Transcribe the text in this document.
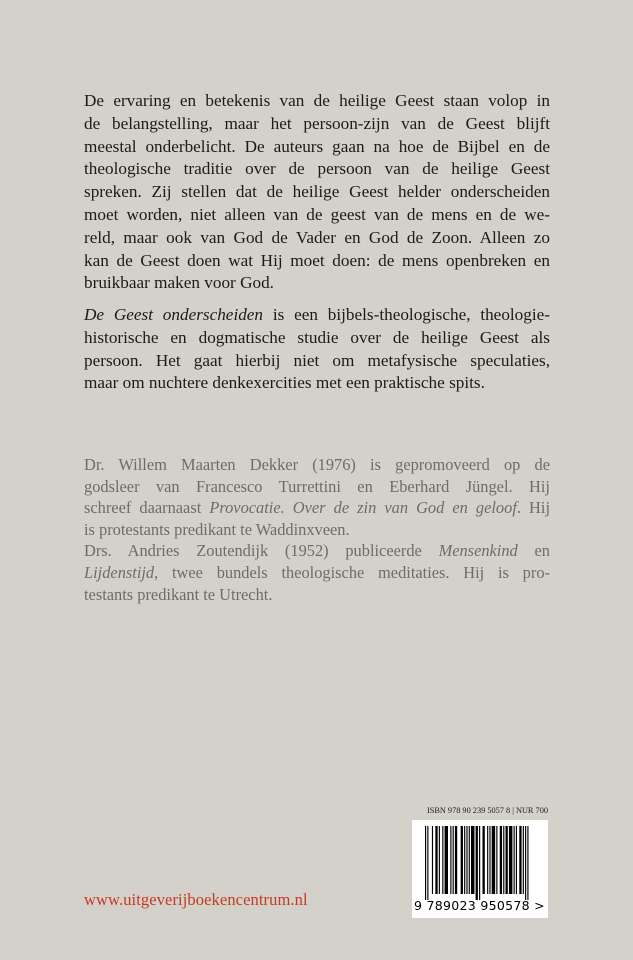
De ervaring en betekenis van de heilige Geest staan volop in
de belangstelling, maar het persoon-zijn van de Geest blijft
meestal onderbelicht. De auteurs gaan na hoe de Bijbel en de
theologische traditie over de persoon van de heilige Geest
spreken. Zij stellen dat de heilige Geest helder onderscheiden
moet worden, niet alleen van de geest van de mens en de we-
reld, maar ook van God de Vader en God de Zoon. Alleen zo
kan de Geest doen wat Hij moet doen: de mens openbreken en
bruikbaar maken voor God.
De Geest onderscheiden is een bijbels-theologische, theologie-
historische en dogmatische studie over de heilige Geest als
persoon. Het gaat hierbij niet om metafysische speculaties,
maar om nuchtere denkexercities met een praktische spits.
Dr. Willem Maarten Dekker (1976) is gepromoveerd op de
godsleer van Francesco Turrettini en Eberhard Jüngel. Hij
schreef daarnaast Provocatie. Over de zin van God en geloof. Hij
is protestants predikant te Waddinxveen.
Drs. Andries Zoutendijk (1952) publiceerde Mensenkind en
Lijdenstijd, twee bundels theologische meditaties. Hij is pro-
testants predikant te Utrecht.
ISBN 978 90 239 5057 8 | NUR 700
9 789023 950578 >
www.uitgeverijboekencentrum.nl
